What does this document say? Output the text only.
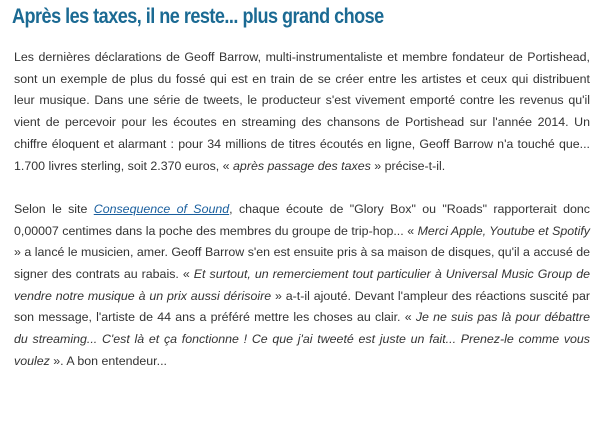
Après les taxes, il ne reste... plus grand chose

Les dernières déclarations de Geoff Barrow, multi-instrumentaliste et membre fondateur de Portishead, sont un exemple de plus du fossé qui est en train de se créer entre les artistes et ceux qui distribuent leur musique. Dans une série de tweets, le producteur s'est vivement emporté contre les revenus qu'il vient de percevoir pour les écoutes en streaming des chansons de Portishead sur l'année 2014. Un chiffre éloquent et alarmant : pour 34 millions de titres écoutés en ligne, Geoff Barrow n'a touché que... 1.700 livres sterling, soit 2.370 euros, « après passage des taxes » précise-t-il.

Selon le site Consequence of Sound, chaque écoute de "Glory Box" ou "Roads" rapporterait donc 0,00007 centimes dans la poche des membres du groupe de trip-hop... « Merci Apple, Youtube et Spotify » a lancé le musicien, amer. Geoff Barrow s'en est ensuite pris à sa maison de disques, qu'il a accusé de signer des contrats au rabais. « Et surtout, un remerciement tout particulier à Universal Music Group de vendre notre musique à un prix aussi dérisoire » a-t-il ajouté. Devant l'ampleur des réactions suscité par son message, l'artiste de 44 ans a préféré mettre les choses au clair. « Je ne suis pas là pour débattre du streaming... C'est là et ça fonctionne ! Ce que j'ai tweeté est juste un fait... Prenez-le comme vous voulez ». A bon entendeur...
